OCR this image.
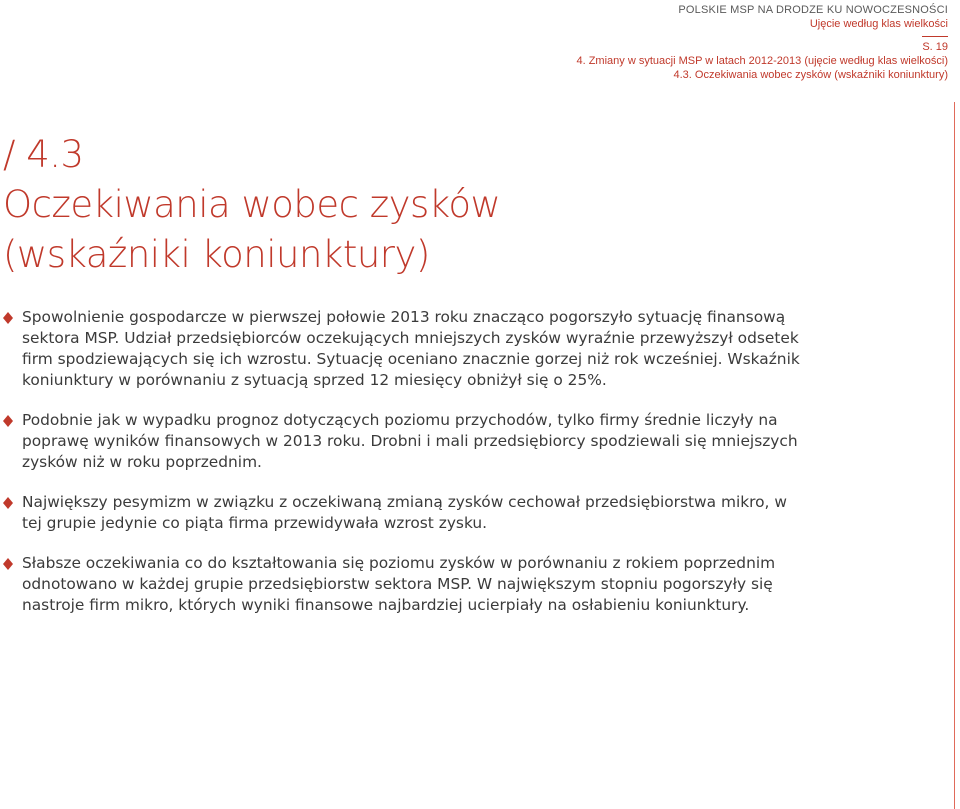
POLSKIE MSP NA DRODZE KU NOWOCZESNOŚCI
Ujęcie według klas wielkości
S. 19
4. Zmiany w sytuacji MSP w latach 2012-2013 (ujęcie według klas wielkości)
4.3. Oczekiwania wobec zysków (wskaźniki koniunktury)
/ 4.3
Oczekiwania wobec zysków
(wskaźniki koniunktury)
Spowolnienie gospodarcze w pierwszej połowie 2013 roku znacząco pogorszyło sytuację finansową sektora MSP. Udział przedsiębiorców oczekujących mniejszych zysków wyraźnie przewyższył odsetek firm spodziewających się ich wzrostu. Sytuację oceniano znacznie gorzej niż rok wcześniej. Wskaźnik koniunktury w porównaniu z sytuacją sprzed 12 miesięcy obniżył się o 25%.
Podobnie jak w wypadku prognoz dotyczących poziomu przychodów, tylko firmy średnie liczyły na poprawę wyników finansowych w 2013 roku. Drobni i mali przedsiębiorcy spodziewali się mniejszych zysków niż w roku poprzednim.
Największy pesymizm w związku z oczekiwaną zmianą zysków cechował przedsiębiorstwa mikro, w tej grupie jedynie co piąta firma przewidywała wzrost zysku.
Słabsze oczekiwania co do kształtowania się poziomu zysków w porównaniu z rokiem poprzednim odnotowano w każdej grupie przedsiębiorstw sektora MSP. W największym stopniu pogorszyły się nastroje firm mikro, których wyniki finansowe najbardziej ucierpiały na osłabieniu koniunktury.
